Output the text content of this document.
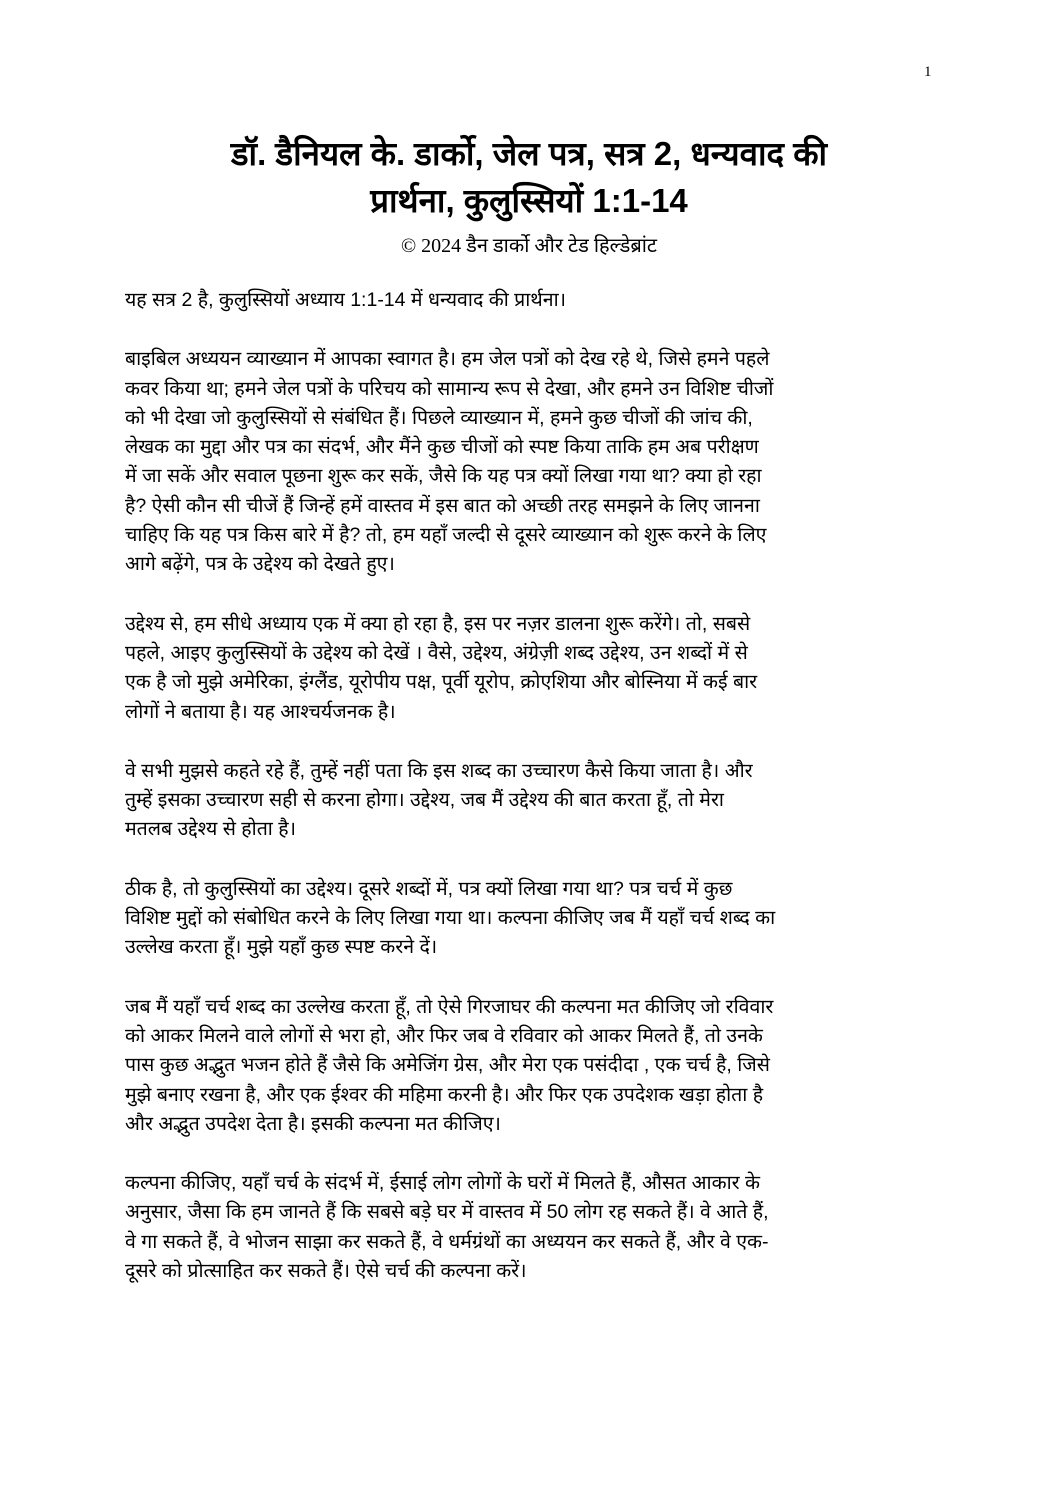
1
डॉ. डैनियल के. डार्को, जेल पत्र, सत्र 2, धन्यवाद की
प्रार्थना, कुलुस्सियों 1:1-14
© 2024 डैन डार्को और टेड हिल्डेब्रांट
यह सत्र 2 है, कुलुस्सियों अध्याय 1:1-14 में धन्यवाद की प्रार्थना।
बाइबिल अध्ययन व्याख्यान में आपका स्वागत है। हम जेल पत्रों को देख रहे थे, जिसे हमने पहले
कवर किया था; हमने जेल पत्रों के परिचय को सामान्य रूप से देखा, और हमने उन विशिष्ट चीजों
को भी देखा जो कुलुस्सियों से संबंधित हैं। पिछले व्याख्यान में, हमने कुछ चीजों की जांच की,
लेखक का मुद्दा और पत्र का संदर्भ, और मैंने कुछ चीजों को स्पष्ट किया ताकि हम अब परीक्षण
में जा सकें और सवाल पूछना शुरू कर सकें, जैसे कि यह पत्र क्यों लिखा गया था? क्या हो रहा
है? ऐसी कौन सी चीजें हैं जिन्हें हमें वास्तव में इस बात को अच्छी तरह समझने के लिए जानना
चाहिए कि यह पत्र किस बारे में है? तो, हम यहाँ जल्दी से दूसरे व्याख्यान को शुरू करने के लिए
आगे बढ़ेंगे, पत्र के उद्देश्य को देखते हुए।
उद्देश्य से, हम सीधे अध्याय एक में क्या हो रहा है, इस पर नज़र डालना शुरू करेंगे। तो, सबसे
पहले, आइए कुलुस्सियों के उद्देश्य को देखें । वैसे, उद्देश्य, अंग्रेज़ी शब्द उद्देश्य, उन शब्दों में से
एक है जो मुझे अमेरिका, इंग्लैंड, यूरोपीय पक्ष, पूर्वी यूरोप, क्रोएशिया और बोस्निया में कई बार
लोगों ने बताया है। यह आश्चर्यजनक है।
वे सभी मुझसे कहते रहे हैं, तुम्हें नहीं पता कि इस शब्द का उच्चारण कैसे किया जाता है। और
तुम्हें इसका उच्चारण सही से करना होगा। उद्देश्य, जब मैं उद्देश्य की बात करता हूँ, तो मेरा
मतलब उद्देश्य से होता है।
ठीक है, तो कुलुस्सियों का उद्देश्य। दूसरे शब्दों में, पत्र क्यों लिखा गया था? पत्र चर्च में कुछ
विशिष्ट मुद्दों को संबोधित करने के लिए लिखा गया था। कल्पना कीजिए जब मैं यहाँ चर्च शब्द का
उल्लेख करता हूँ। मुझे यहाँ कुछ स्पष्ट करने दें।
जब मैं यहाँ चर्च शब्द का उल्लेख करता हूँ, तो ऐसे गिरजाघर की कल्पना मत कीजिए जो रविवार
को आकर मिलने वाले लोगों से भरा हो, और फिर जब वे रविवार को आकर मिलते हैं, तो उनके
पास कुछ अद्भुत भजन होते हैं जैसे कि अमेजिंग ग्रेस, और मेरा एक पसंदीदा , एक चर्च है, जिसे
मुझे बनाए रखना है, और एक ईश्वर की महिमा करनी है। और फिर एक उपदेशक खड़ा होता है
और अद्भुत उपदेश देता है। इसकी कल्पना मत कीजिए।
कल्पना कीजिए, यहाँ चर्च के संदर्भ में, ईसाई लोग लोगों के घरों में मिलते हैं, औसत आकार के
अनुसार, जैसा कि हम जानते हैं कि सबसे बड़े घर में वास्तव में 50 लोग रह सकते हैं। वे आते हैं,
वे गा सकते हैं, वे भोजन साझा कर सकते हैं, वे धर्मग्रंथों का अध्ययन कर सकते हैं, और वे एक-
दूसरे को प्रोत्साहित कर सकते हैं। ऐसे चर्च की कल्पना करें।
